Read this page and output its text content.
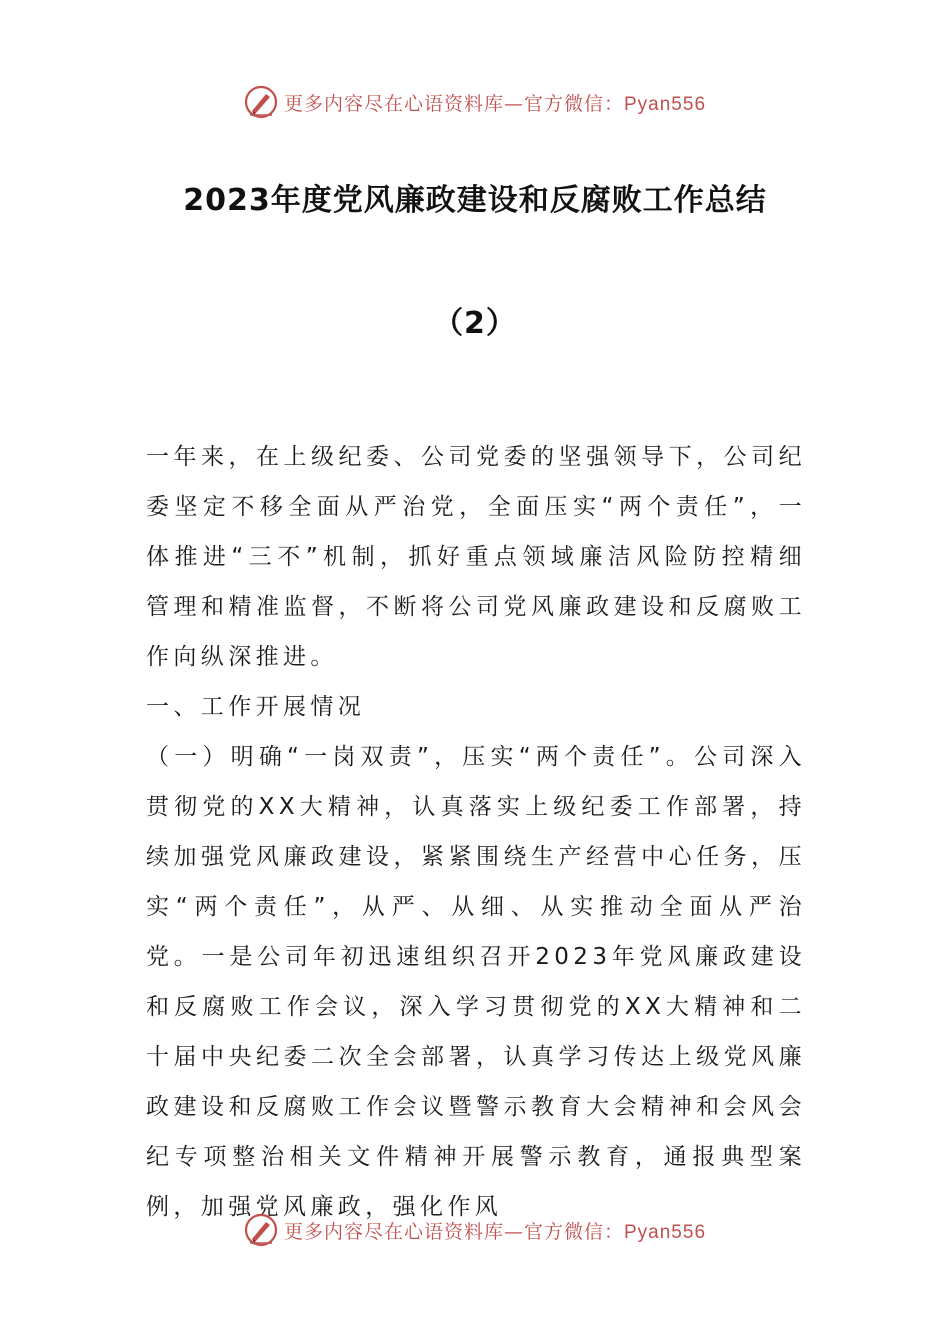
更多内容尽在心语资料库—官方微信：Pyan556
2023年度党风廉政建设和反腐败工作总结
（2）

一年来，在上级纪委、公司党委的坚强领导下，公司纪委坚定不移全面从严治党，全面压实“两个责任”，一体推进“三不”机制，抓好重点领域廉洁风险防控精细管理和精准监督，不断将公司党风廉政建设和反腐败工作向纵深推进。

一、工作开展情况

（一）明确“一岗双责”，压实“两个责任”。公司深入贯彻党的XX大精神，认真落实上级纪委工作部署，持续加强党风廉政建设，紧紧围绕生产经营中心任务，压实“两个责任”，从严、从细、从实推动全面从严治党。一是公司年初迅速组织召开2023年党风廉政建设和反腐败工作会议，深入学习贯彻党的XX大精神和二十届中央纪委二次全会部署，认真学习传达上级党风廉政建设和反腐败工作会议暨警示教育大会精神和会风会纪专项整治相关文件精神开展警示教育，通报典型案例，加强党风廉政，强化作风

更多内容尽在心语资料库—官方微信：Pyan556
